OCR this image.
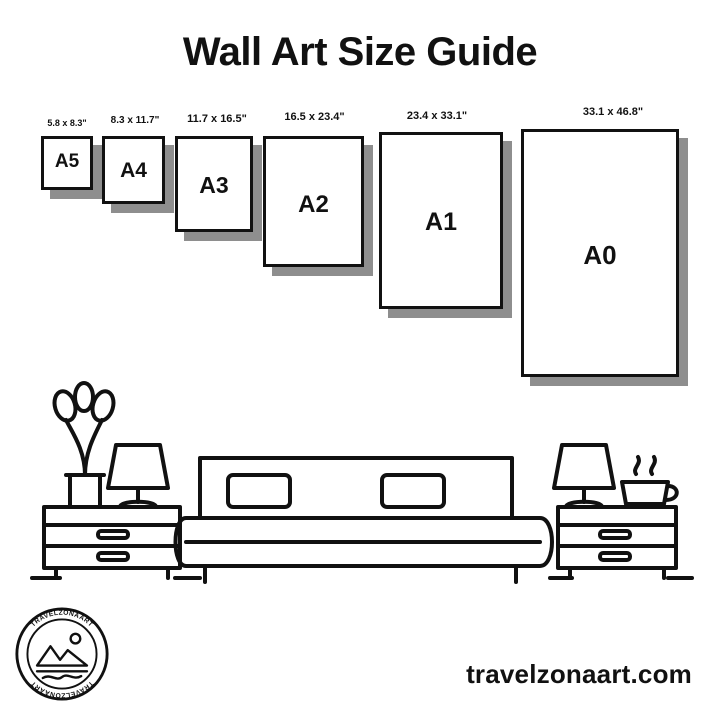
Wall Art Size Guide
5.8 x 8.3"
A5
8.3 x 11.7"
A4
11.7 x 16.5"
A3
16.5 x 23.4"
A2
23.4 x 33.1"
A1
33.1 x 46.8"
A0
travelzonaart.com
TRAVELZONAART
TRAVELZONAART
